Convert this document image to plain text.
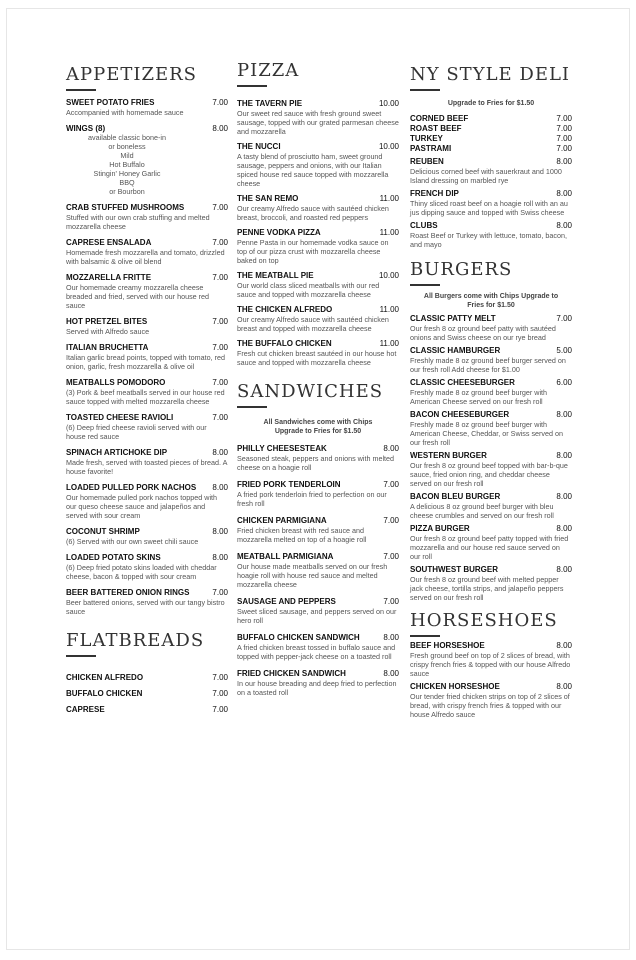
APPETIZERS
SWEET POTATO FRIES	7.00
Accompanied with homemade sauce
WINGS (8)	8.00
available classic bone-in
or boneless
Mild
Hot Buffalo
Stingin' Honey Garlic
BBQ
or Bourbon
CRAB STUFFED MUSHROOMS	7.00
Stuffed with our own crab stuffing and melted mozzarella cheese
CAPRESE ENSALADA	7.00
Homemade fresh mozzarella and tomato, drizzled with balsamic & olive oil blend
MOZZARELLA FRITTE	7.00
Our homemade creamy mozzarella cheese breaded and fried, served with our house red sauce
HOT PRETZEL BITES	7.00
Served with Alfredo sauce
ITALIAN BRUCHETTA	7.00
Italian garlic bread points, topped with tomato, red onion, garlic, fresh mozzarella & olive oil
MEATBALLS POMODORO	7.00
(3) Pork & beef meatballs served in our house red sauce topped with melted mozzarella cheese
TOASTED CHEESE RAVIOLI	7.00
(6) Deep fried cheese ravioli served with our house red sauce
SPINACH ARTICHOKE DIP	8.00
Made fresh, served with toasted pieces of bread. A house favorite!
LOADED PULLED PORK NACHOS	8.00
Our homemade pulled pork nachos topped with our queso cheese sauce and jalapeños and served with sour cream
COCONUT SHRIMP	8.00
(6) Served with our own sweet chili sauce
LOADED POTATO SKINS	8.00
(6) Deep fried potato skins loaded with cheddar cheese, bacon & topped with sour cream
BEER BATTERED ONION RINGS	7.00
Beer battered onions, served with our tangy bistro sauce
FLATBREADS
CHICKEN ALFREDO	7.00
BUFFALO CHICKEN	7.00
CAPRESE	7.00
PIZZA
THE TAVERN PIE	10.00
Our sweet red sauce with fresh ground sweet sausage, topped with our grated parmesan cheese and mozzarella
THE NUCCI	10.00
A tasty blend of prosciutto ham, sweet ground sausage, peppers and onions, with our Italian spiced house red sauce topped with mozzarella cheese
THE SAN REMO	11.00
Our creamy Alfredo sauce with sautéed chicken breast, broccoli, and roasted red peppers
PENNE VODKA PIZZA	11.00
Penne Pasta in our homemade vodka sauce on top of our pizza crust with mozzarella cheese baked on top
THE MEATBALL PIE	10.00
Our world class sliced meatballs with our red sauce and topped with mozzarella cheese
THE CHICKEN ALFREDO	11.00
Our creamy Alfredo sauce with sautéed chicken breast and topped with mozzarella cheese
THE BUFFALO CHICKEN	11.00
Fresh cut chicken breast sautéed in our house hot sauce and topped with mozzarella cheese
SANDWICHES
All Sandwiches come with Chips Upgrade to Fries for $1.50
PHILLY CHEESESTEAK	8.00
Seasoned steak, peppers and onions with melted cheese on a hoagie roll
FRIED PORK TENDERLOIN	7.00
A fried pork tenderloin fried to perfection on our fresh roll
CHICKEN PARMIGIANA	7.00
Fried chicken breast with red sauce and mozzarella melted on top of a hoagie roll
MEATBALL PARMIGIANA	7.00
Our house made meatballs served on our fresh hoagie roll with house red sauce and melted mozzarella cheese
SAUSAGE AND PEPPERS	7.00
Sweet sliced sausage, and peppers served on our hero roll
BUFFALO CHICKEN SANDWICH	8.00
A fried chicken breast tossed in buffalo sauce and topped with pepper-jack cheese on a toasted roll
FRIED CHICKEN SANDWICH	8.00
In our house breading and deep fried to perfection on a toasted roll
NY STYLE DELI
Upgrade to Fries for $1.50
CORNED BEEF	7.00
ROAST BEEF	7.00
TURKEY	7.00
PASTRAMI	7.00
REUBEN	8.00
Delicious corned beef with sauerkraut and 1000 Island dressing on marbled rye
FRENCH DIP	8.00
Thiny sliced roast beef on a hoagie roll with an au jus dipping sauce and topped with Swiss cheese
CLUBS	8.00
Roast Beef or Turkey with lettuce, tomato, bacon, and mayo
BURGERS
All Burgers come with Chips Upgrade to Fries for $1.50
CLASSIC PATTY MELT	7.00
Our fresh 8 oz ground beef patty with sautéed onions and Swiss cheese on our rye bread
CLASSIC HAMBURGER	5.00
Freshly made 8 oz ground beef burger served on our fresh roll Add cheese for $1.00
CLASSIC CHEESEBURGER	6.00
Freshly made 8 oz ground beef burger with American Cheese served on our fresh roll
BACON CHEESEBURGER	8.00
Freshly made 8 oz ground beef burger with American Cheese, Cheddar, or Swiss served on our fresh roll
WESTERN BURGER	8.00
Our fresh 8 oz ground beef topped with bar-b-que sauce, fried onion ring, and cheddar cheese served on our fresh roll
BACON BLEU BURGER	8.00
A delicious 8 oz ground beef burger with bleu cheese crumbles and served on our fresh roll
PIZZA BURGER	8.00
Our fresh 8 oz ground beef patty topped with fried mozzarella and our house red sauce served on our roll
SOUTHWEST BURGER	8.00
Our fresh 8 oz ground beef with melted pepper jack cheese, tortilla strips, and jalapeño peppers served on our fresh roll
HORSESHOES
BEEF HORSESHOE	8.00
Fresh ground beef on top of 2 slices of bread, with crispy french fries & topped with our house Alfredo sauce
CHICKEN HORSESHOE	8.00
Our tender fried chicken strips on top of 2 slices of bread, with crispy french fries & topped with our house Alfredo sauce
